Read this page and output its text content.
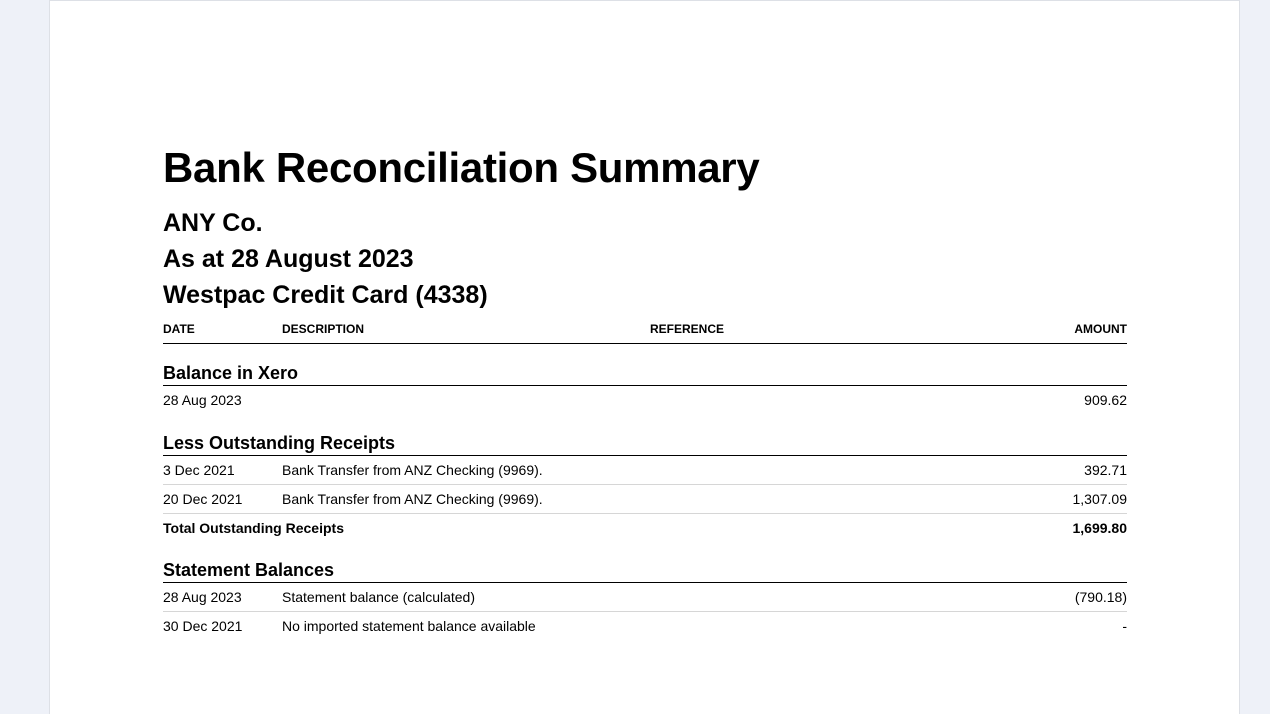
Bank Reconciliation Summary
ANY Co.
As at 28 August 2023
Westpac Credit Card (4338)
DATE	DESCRIPTION	REFERENCE	AMOUNT
Balance in Xero
28 Aug 2023	909.62
Less Outstanding Receipts
3 Dec 2021	Bank Transfer from ANZ Checking (9969).	392.71
20 Dec 2021	Bank Transfer from ANZ Checking (9969).	1,307.09
Total Outstanding Receipts	1,699.80
Statement Balances
28 Aug 2023	Statement balance (calculated)	(790.18)
30 Dec 2021	No imported statement balance available	-
